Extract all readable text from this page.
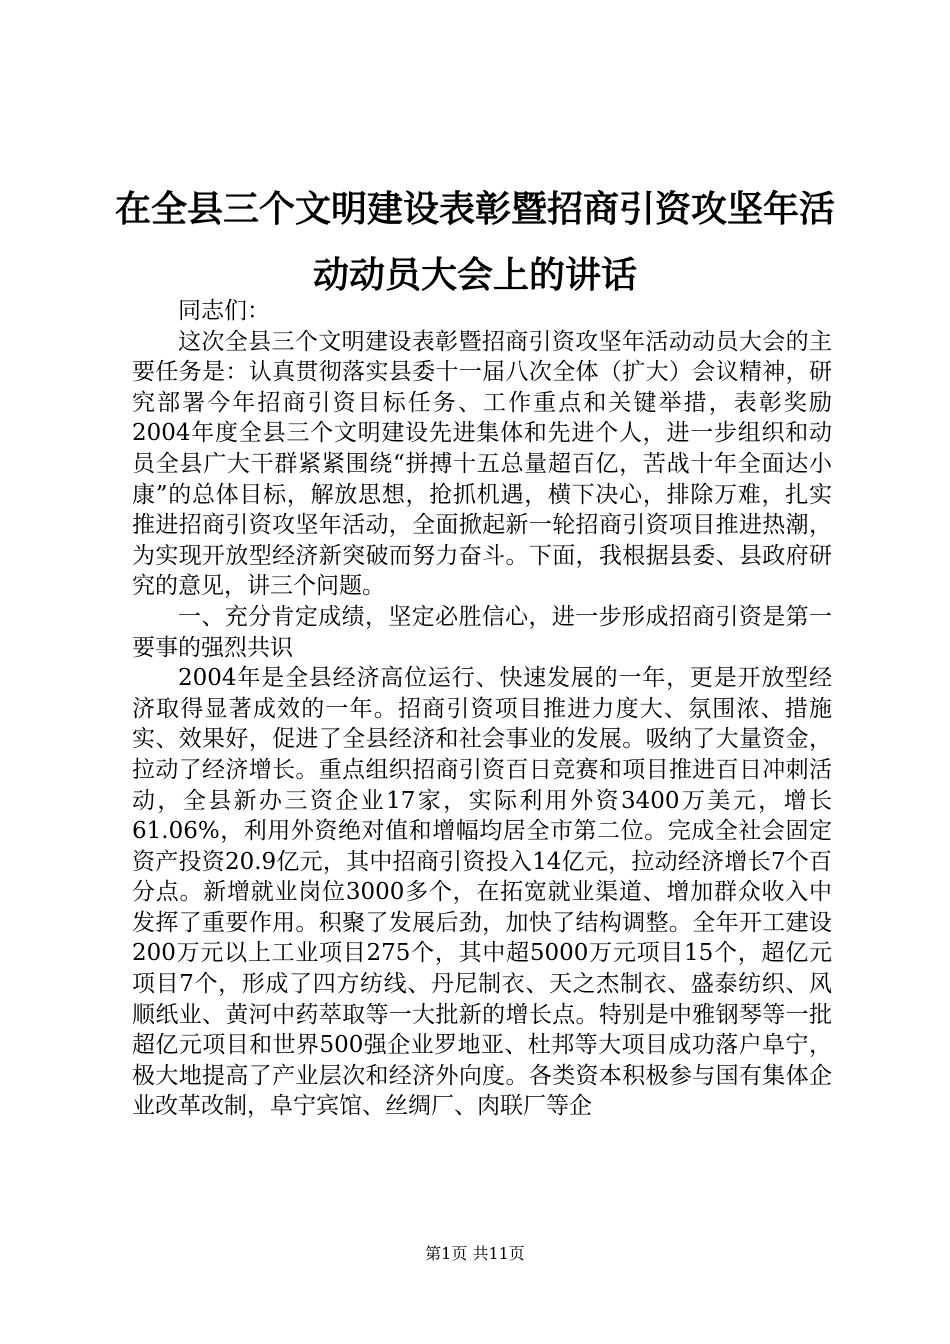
在全县三个文明建设表彰暨招商引资攻坚年活动动员大会上的讲话

同志们：

这次全县三个文明建设表彰暨招商引资攻坚年活动动员大会的主要任务是：认真贯彻落实县委十一届八次全体（扩大）会议精神，研究部署今年招商引资目标任务、工作重点和关键举措，表彰奖励2004年度全县三个文明建设先进集体和先进个人，进一步组织和动员全县广大干群紧紧围绕“拼搏十五总量超百亿，苦战十年全面达小康”的总体目标，解放思想，抢抓机遇，横下决心，排除万难，扎实推进招商引资攻坚年活动，全面掀起新一轮招商引资项目推进热潮，为实现开放型经济新突破而努力奋斗。下面，我根据县委、县政府研究的意见，讲三个问题。

一、充分肯定成绩，坚定必胜信心，进一步形成招商引资是第一要事的强烈共识

2004年是全县经济高位运行、快速发展的一年，更是开放型经济取得显著成效的一年。招商引资项目推进力度大、氛围浓、措施实、效果好，促进了全县经济和社会事业的发展。吸纳了大量资金，拉动了经济增长。重点组织招商引资百日竞赛和项目推进百日冲刺活动，全县新办三资企业17家，实际利用外资3400万美元，增长61.06%，利用外资绝对值和增幅均居全市第二位。完成全社会固定资产投资20.9亿元，其中招商引资投入14亿元，拉动经济增长7个百分点。新增就业岗位3000多个，在拓宽就业渠道、增加群众收入中发挥了重要作用。积聚了发展后劲，加快了结构调整。全年开工建设200万元以上工业项目275个，其中超5000万元项目15个，超亿元项目7个，形成了四方纺线、丹尼制衣、天之杰制衣、盛泰纺织、风顺纸业、黄河中药萃取等一大批新的增长点。特别是中雅钢琴等一批超亿元项目和世界500强企业罗地亚、杜邦等大项目成功落户阜宁，极大地提高了产业层次和经济外向度。各类资本积极参与国有集体企业改革改制，阜宁宾馆、丝绸厂、肉联厂等企

第1页 共11页
